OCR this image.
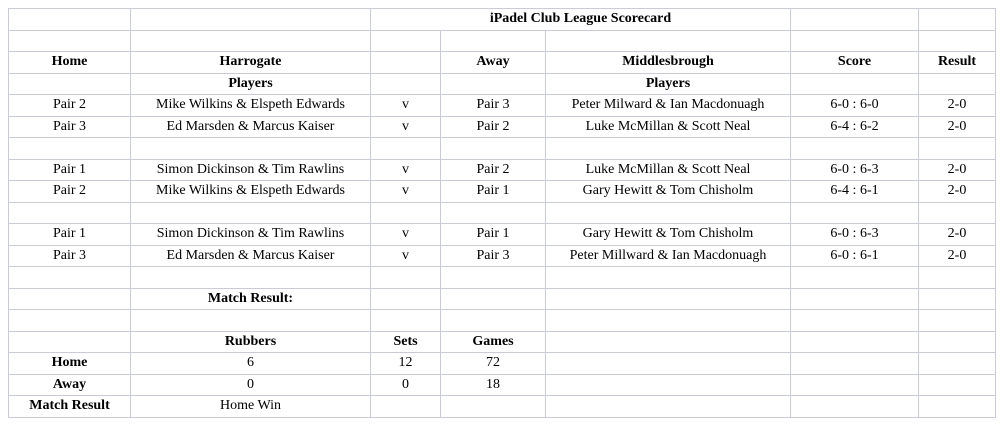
		iPadel Club League Scorecard				

Home	Harrogate		Away	Middlesbrough	Score	Result
	Players			Players		
Pair 2	Mike Wilkins & Elspeth Edwards	v	Pair 3	Peter Milward & Ian Macdonuagh	6-0 : 6-0	2-0
Pair 3	Ed Marsden & Marcus Kaiser	v	Pair 2	Luke McMillan & Scott Neal	6-4 : 6-2	2-0

Pair 1	Simon Dickinson & Tim Rawlins	v	Pair 2	Luke McMillan & Scott Neal	6-0 : 6-3	2-0
Pair 2	Mike Wilkins & Elspeth Edwards	v	Pair 1	Gary Hewitt & Tom Chisholm	6-4 : 6-1	2-0

Pair 1	Simon Dickinson & Tim Rawlins	v	Pair 1	Gary Hewitt & Tom Chisholm	6-0 : 6-3	2-0
Pair 3	Ed Marsden & Marcus Kaiser	v	Pair 3	Peter Millward & Ian Macdonuagh	6-0 : 6-1	2-0

	Match Result:					

	Rubbers	Sets	Games			
Home	6	12	72			
Away	0	0	18			
Match Result	Home Win					
